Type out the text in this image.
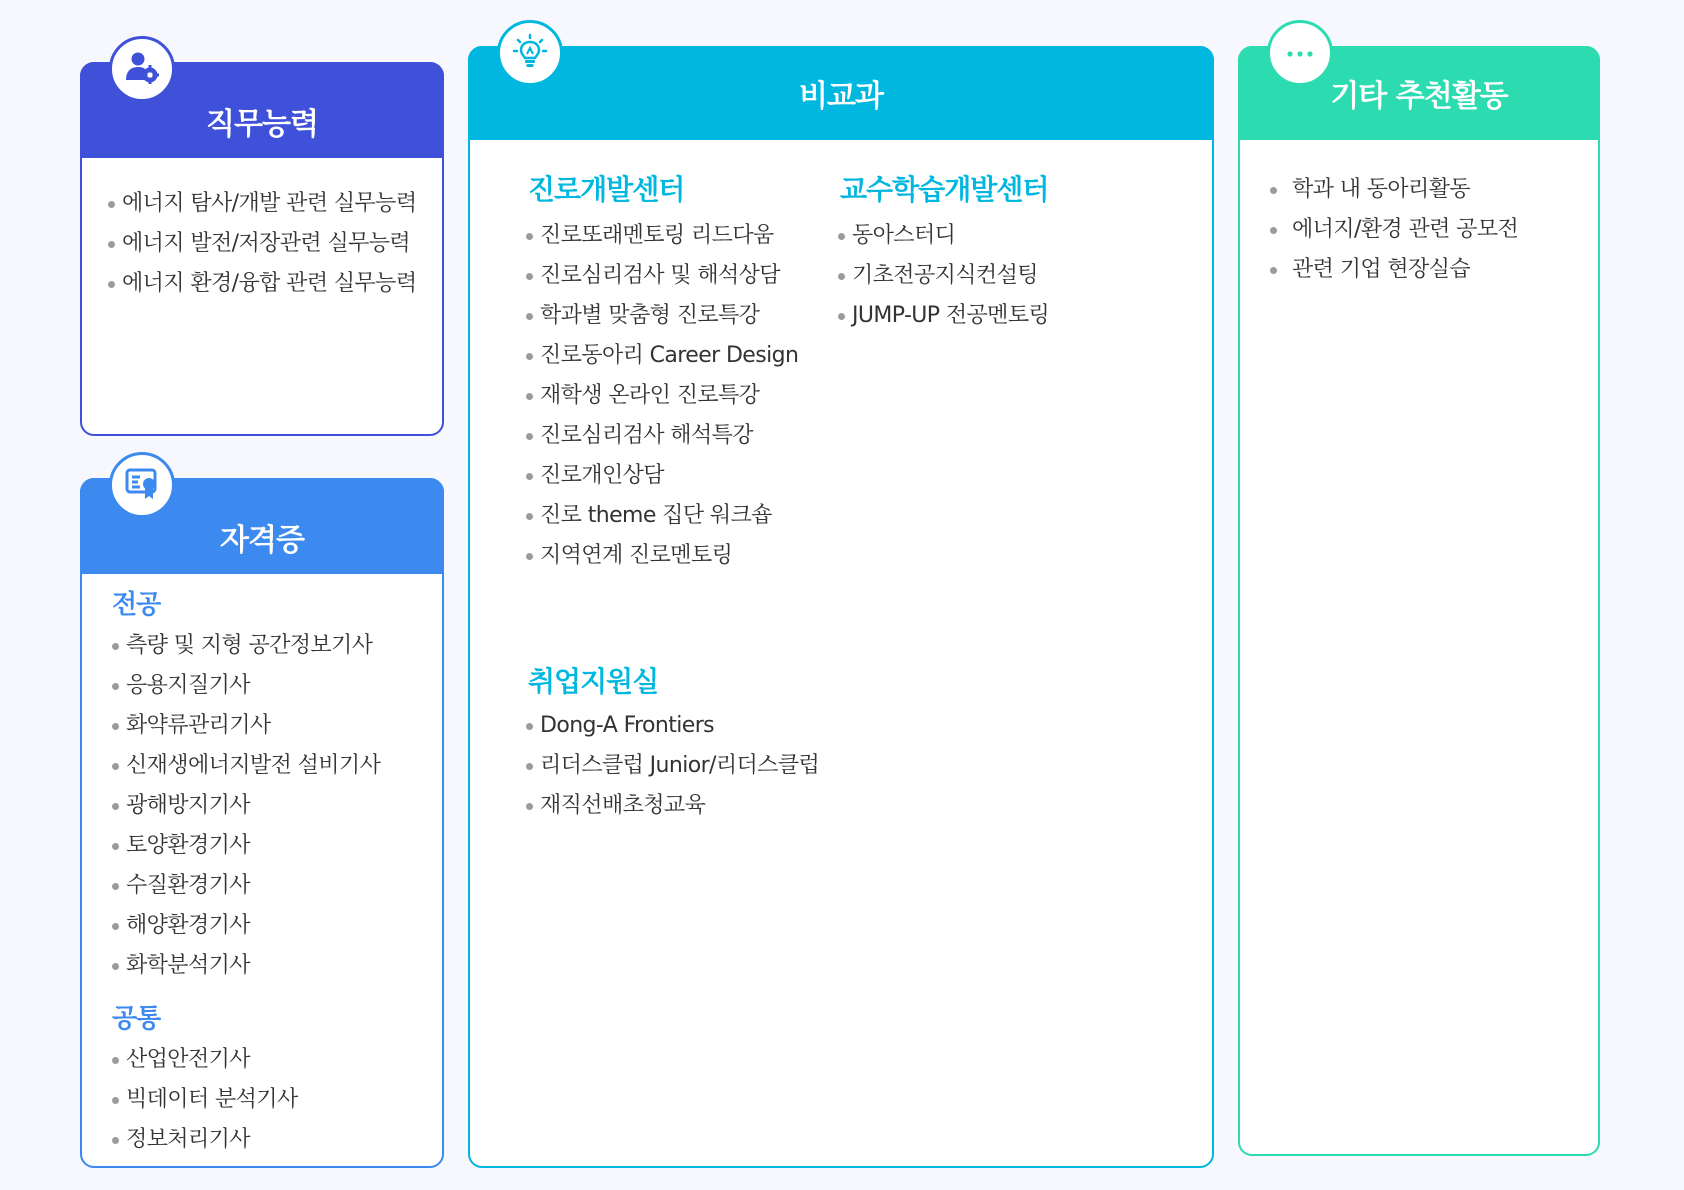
직무능력
에너지 탐사/개발 관련 실무능력
에너지 발전/저장관련 실무능력
에너지 환경/융합 관련 실무능력
자격증
전공
측량 및 지형 공간정보기사
응용지질기사
화약류관리기사
신재생에너지발전 설비기사
광해방지기사
토양환경기사
수질환경기사
해양환경기사
화학분석기사
공통
산업안전기사
빅데이터 분석기사
정보처리기사
비교과
진로개발센터
진로또래멘토링 리드다움
진로심리검사 및 해석상담
학과별 맞춤형 진로특강
진로동아리 Career Design
재학생 온라인 진로특강
진로심리검사 해석특강
진로개인상담
진로 theme 집단 워크숍
지역연계 진로멘토링
교수학습개발센터
동아스터디
기초전공지식컨설팅
JUMP-UP 전공멘토링
취업지원실
Dong-A Frontiers
리더스클럽 Junior/리더스클럽
재직선배초청교육
기타 추천활동
학과 내 동아리활동
에너지/환경 관련 공모전
관련 기업 현장실습
